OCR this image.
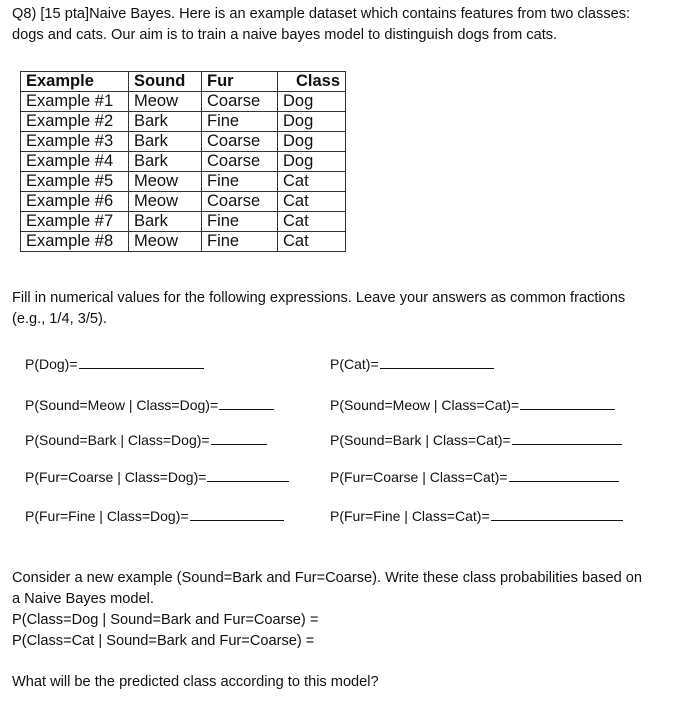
Q8) [15 pta]Naive Bayes. Here is an example dataset which contains features from two classes:
dogs and cats. Our aim is to train a naive bayes model to distinguish dogs from cats.
Example	Sound	Fur	Class
Example #1	Meow	Coarse	Dog
Example #2	Bark	Fine	Dog
Example #3	Bark	Coarse	Dog
Example #4	Bark	Coarse	Dog
Example #5	Meow	Fine	Cat
Example #6	Meow	Coarse	Cat
Example #7	Bark	Fine	Cat
Example #8	Meow	Fine	Cat
Fill in numerical values for the following expressions. Leave your answers as common fractions
(e.g., 1/4, 3/5).
P(Dog)=
P(Sound=Meow | Class=Dog)=
P(Sound=Bark | Class=Dog)=
P(Fur=Coarse | Class=Dog)=
P(Fur=Fine | Class=Dog)=
P(Cat)=
P(Sound=Meow | Class=Cat)=
P(Sound=Bark | Class=Cat)=
P(Fur=Coarse | Class=Cat)=
P(Fur=Fine | Class=Cat)=
Consider a new example (Sound=Bark and Fur=Coarse). Write these class probabilities based on
a Naive Bayes model.
P(Class=Dog | Sound=Bark and Fur=Coarse) =
P(Class=Cat | Sound=Bark and Fur=Coarse) =
What will be the predicted class according to this model?
